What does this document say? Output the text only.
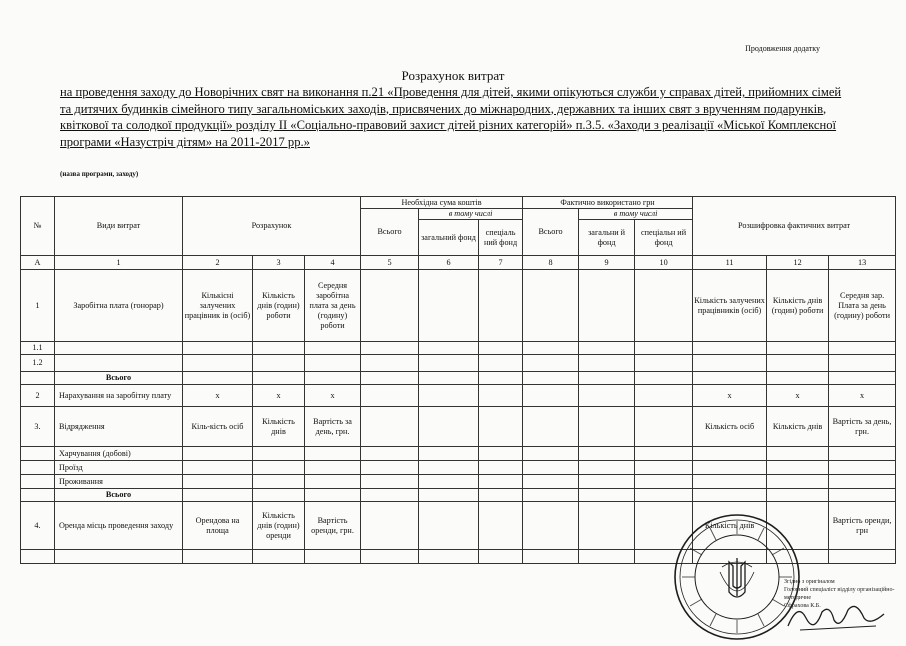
Продовження додатку
Розрахунок витрат
на проведення заходу до Новорічних свят на виконання п.21 «Проведення для дітей, якими опікуються служби у справах дітей, прийомних сімей та дитячих будинків сімейного типу загальноміських заходів, присвячених до міжнародних, державних та інших свят з врученням подарунків, квіткової та солодкої продукції» розділу ІІ «Соціально-правовий захист дітей різних категорій» п.3.5. «Заходи з реалізації «Міської Комплексної програми «Назустріч дітям» на 2011-2017 рр.»
(назва програми, заходу)
№	Види витрат	Розрахунок			Необхідна сума коштів			Фактично використано грн			Розшифровка фактичних витрат		
					Всього	в тому числі		Всього	в тому числі				
						загальний фонд	спеціаль ний фонд		загальни й фонд	спеціальн ий фонд			
А	1	2	3	4	5	6	7	8	9	10	11	12	13
1	Заробітна плата (гонорар)	Кількісні залучених працівник ів (осіб)	Кількість днів (годин) роботи	Середня заробітна плата за день (годину) роботи							Кількість залучених працівників (осіб)	Кількість днів (годин) роботи	Середня зар. Плата за день (годину) роботи
1.1													
1.2													
	Всього												
2	Нарахування на заробітну плату	x	x	x							x	x	x
3.	Відрядження	Кіль-кість осіб	Кількість днів	Вартість за день, грн.							Кількість осіб	Кількість днів	Вартість за день, грн.
	Харчування (добові)												
	Проїзд												
	Проживання												
	Всього												
4.	Оренда місць проведення заходу	Орендова на площа	Кількість днів (годин) оренди	Вартість оренди, грн.							Кількість днів		Вартість оренди, грн

Згідно з оригіналом
Головний спеціаліст відділу організаційно-методичне
Сфрахова К.Б.
